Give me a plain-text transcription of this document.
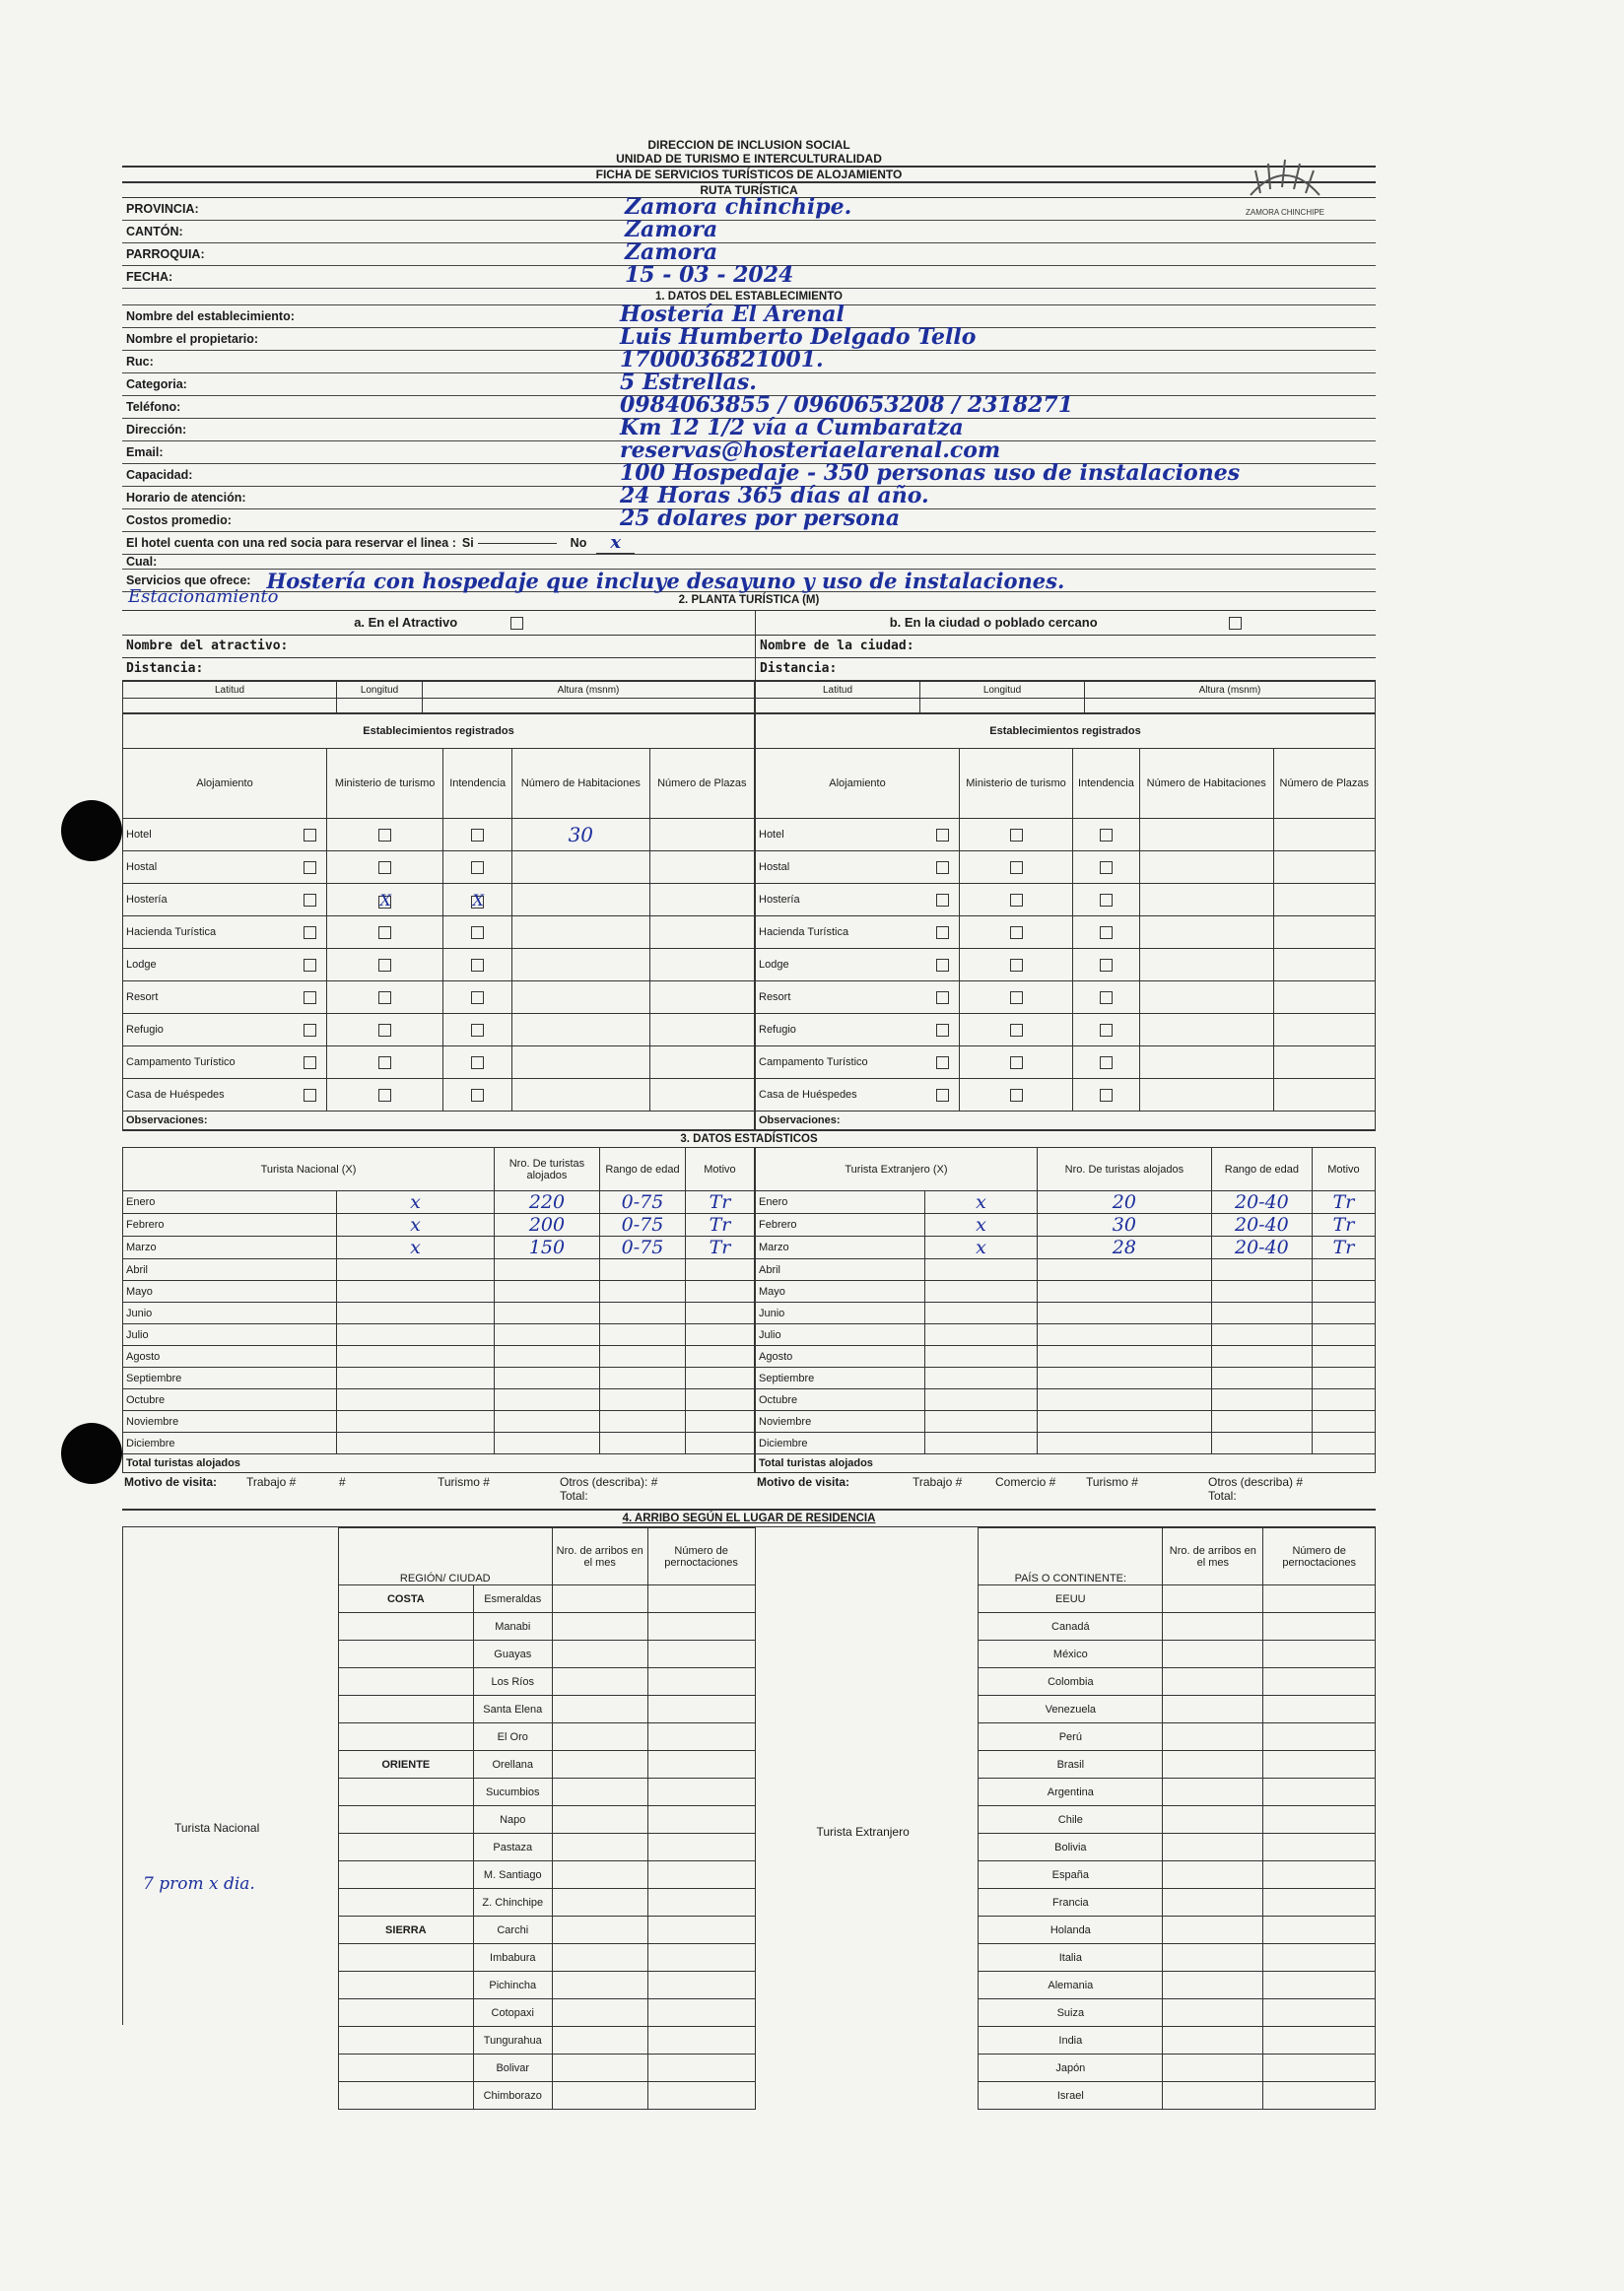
DIRECCION DE INCLUSION SOCIAL
UNIDAD DE TURISMO E INTERCULTURALIDAD
FICHA DE SERVICIOS TURÍSTICOS DE ALOJAMIENTO
RUTA TURÍSTICA
ZAMORA CHINCHIPE
PROVINCIA:	Zamora chinchipe.
CANTÓN:	Zamora
PARROQUIA:	Zamora
FECHA:	15 - 03 - 2024
1. DATOS DEL ESTABLECIMIENTO
Nombre del establecimiento:	Hostería El Arenal
Nombre el propietario:	Luis Humberto Delgado Tello
Ruc:	1700036821001.
Categoria:	5 Estrellas.
Teléfono:	0984063855 / 0960653208 / 2318271
Dirección:	Km 12 1/2 vía a Cumbaratza
Email:	reservas@hosteriaelarenal.com
Capacidad:	100 Hospedaje - 350 personas uso de instalaciones
Horario de atención:	24 Horas 365 días al año.
Costos promedio:	25 dolares por persona
El hotel cuenta con una red socia para reservar el linea : Si	No	x
Cual:
Servicios que ofrece: Hostería con hospedaje que incluye desayuno y uso de instalaciones.
Estacionamiento	2. PLANTA TURÍSTICA (M)
a. En el Atractivo
Nombre del atractivo:
Distancia:
Latitud	Longitud	Altura (msnm)

b. En la ciudad o poblado cercano
Nombre de la ciudad:
Distancia:
Latitud	Longitud	Altura (msnm)

Establecimientos registrados				
Alojamiento	Ministerio de turismo	Intendencia	Número de Habitaciones	Número de Plazas
Hotel			30	
Hostal

Hostería	X	X		
Hacienda Turística

Lodge

Resort

Refugio

Campamento Turístico

Casa de Huéspedes

Observaciones:				
Establecimientos registrados				
Alojamiento	Ministerio de turismo	Intendencia	Número de Habitaciones	Número de Plazas
Hotel

Hostal

Hostería

Hacienda Turística

Lodge

Resort

Refugio

Campamento Turístico

Casa de Huéspedes

Observaciones:				
3. DATOS ESTADÍSTICOS
Turista Nacional (X)		Nro. De turistas alojados	Rango de edad	Motivo
Enero	x	220	0-75	Tr
Febrero	x	200	0-75	Tr
Marzo	x	150	0-75	Tr
Abril				
Mayo				
Junio				
Julio				
Agosto				
Septiembre				
Octubre				
Noviembre				
Diciembre				
Total turistas alojados				
Turista Extranjero (X)		Nro. De turistas alojados	Rango de edad	Motivo
Enero	x	20	20-40	Tr
Febrero	x	30	20-40	Tr
Marzo	x	28	20-40	Tr
Abril				
Mayo				
Junio				
Julio				
Agosto				
Septiembre				
Octubre				
Noviembre				
Diciembre				
Total turistas alojados				
Motivo de visita: Trabajo #	#	Turismo #	Otros (describa): #
Total:
Motivo de visita:	Trabajo #	Comercio #	Turismo #	Otros (describa) #
Total:
4. ARRIBO SEGÚN EL LUGAR DE RESIDENCIA
Turista Nacional
7 prom x dia.
REGIÓN/ CIUDAD		Nro. de arribos en el mes	Número de pernoctaciones
COSTA	Esmeraldas		
	Manabi		
	Guayas		
	Los Ríos		
	Santa Elena		
	El Oro		
ORIENTE	Orellana		
	Sucumbios		
	Napo		
	Pastaza		
	M. Santiago		
	Z. Chinchipe		
SIERRA	Carchi		
	Imbabura		
	Pichincha		
	Cotopaxi		
	Tungurahua		
	Bolivar		
	Chimborazo		
Turista Extranjero
PAÍS O CONTINENTE:	Nro. de arribos en el mes	Número de pernoctaciones
EEUU		
Canadá		
México		
Colombia		
Venezuela		
Perú		
Brasil		
Argentina		
Chile		
Bolivia		
España		
Francia		
Holanda		
Italia		
Alemania		
Suiza		
India		
Japón		
Israel		
